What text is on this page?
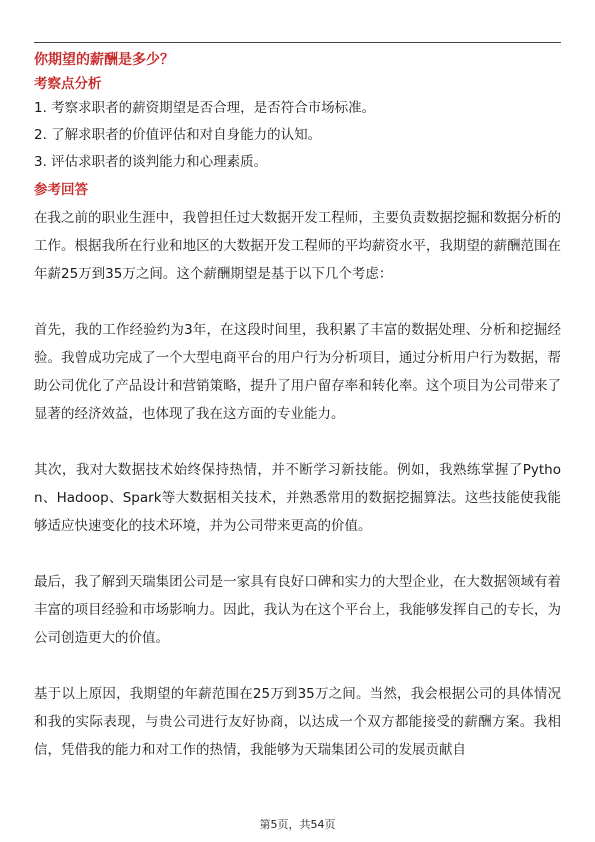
你期望的薪酬是多少？

考察点分析

1. 考察求职者的薪资期望是否合理，是否符合市场标准。

2. 了解求职者的价值评估和对自身能力的认知。

3. 评估求职者的谈判能力和心理素质。

参考回答

在我之前的职业生涯中，我曾担任过大数据开发工程师，主要负责数据挖掘和数据分析的工作。根据我所在行业和地区的大数据开发工程师的平均薪资水平，我期望的薪酬范围在年薪25万到35万之间。这个薪酬期望是基于以下几个考虑：

首先，我的工作经验约为3年，在这段时间里，我积累了丰富的数据处理、分析和挖掘经验。我曾成功完成了一个大型电商平台的用户行为分析项目，通过分析用户行为数据，帮助公司优化了产品设计和营销策略，提升了用户留存率和转化率。这个项目为公司带来了显著的经济效益，也体现了我在这方面的专业能力。

其次，我对大数据技术始终保持热情，并不断学习新技能。例如，我熟练掌握了Python、Hadoop、Spark等大数据相关技术，并熟悉常用的数据挖掘算法。这些技能使我能够适应快速变化的技术环境，并为公司带来更高的价值。

最后，我了解到天瑞集团公司是一家具有良好口碑和实力的大型企业，在大数据领域有着丰富的项目经验和市场影响力。因此，我认为在这个平台上，我能够发挥自己的专长，为公司创造更大的价值。

基于以上原因，我期望的年薪范围在25万到35万之间。当然，我会根据公司的具体情况和我的实际表现，与贵公司进行友好协商，以达成一个双方都能接受的薪酬方案。我相信，凭借我的能力和对工作的热情，我能够为天瑞集团公司的发展贡献自

第5页，共54页
